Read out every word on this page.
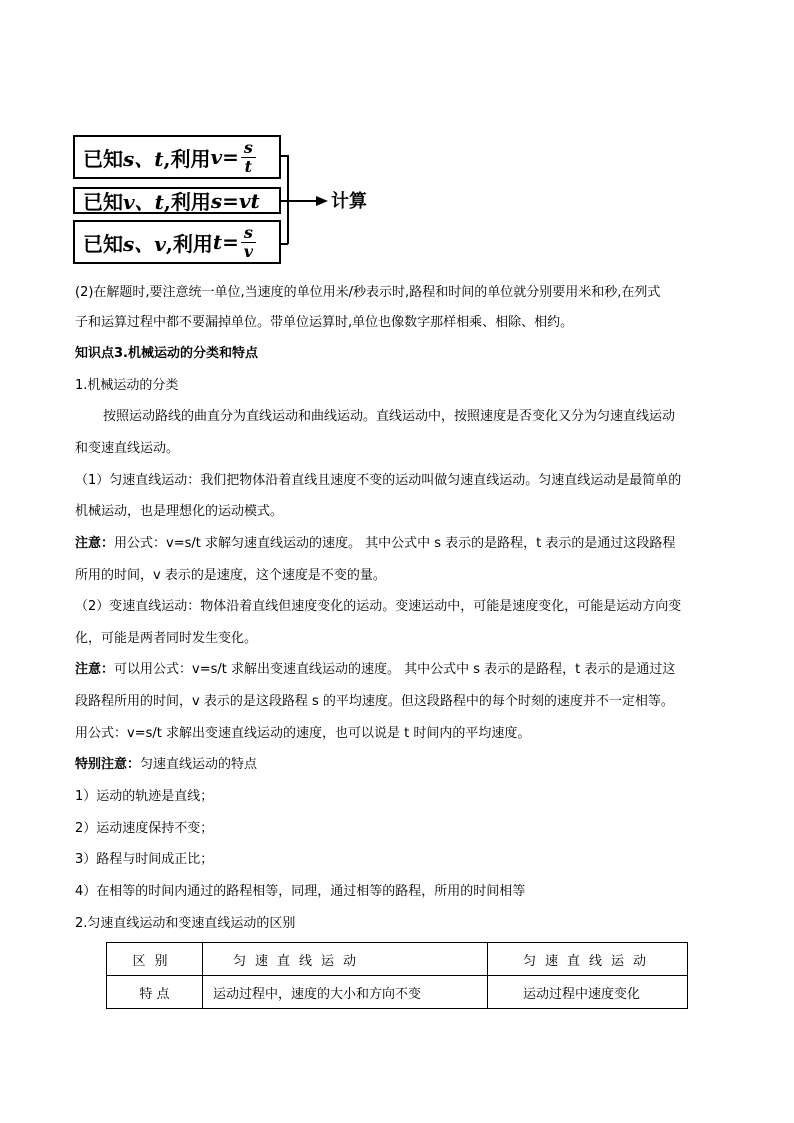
已知 s、t ,利用 $v= \frac{s}{t}$
已知 v、t ,利用 s=vt
已知 s、v ,利用 $t= \frac{s}{v}$
计算
(2)在解题时,要注意统一单位,当速度的单位用米/秒表示时,路程和时间的单位就分别要用米和秒,在列式
子和运算过程中都不要漏掉单位。带单位运算时,单位也像数字那样相乘、相除、相约。
知识点3.机械运动的分类和特点
1.机械运动的分类
按照运动路线的曲直分为直线运动和曲线运动。直线运动中，按照速度是否变化又分为匀速直线运动
和变速直线运动。
（1）匀速直线运动：我们把物体沿着直线且速度不变的运动叫做匀速直线运动。匀速直线运动是最简单的
机械运动，也是理想化的运动模式。
注意：用公式：v=s/t 求解匀速直线运动的速度。 其中公式中 s 表示的是路程，t 表示的是通过这段路程
所用的时间，v 表示的是速度，这个速度是不变的量。
（2）变速直线运动：物体沿着直线但速度变化的运动。变速运动中，可能是速度变化，可能是运动方向变
化，可能是两者同时发生变化。
注意：可以用公式：v=s/t 求解出变速直线运动的速度。 其中公式中 s 表示的是路程，t 表示的是通过这
段路程所用的时间，v 表示的是这段路程 s 的平均速度。但这段路程中的每个时刻的速度并不一定相等。
用公式：v=s/t 求解出变速直线运动的速度，也可以说是 t 时间内的平均速度。
特别注意：匀速直线运动的特点
1）运动的轨迹是直线；
2）运动速度保持不变；
3）路程与时间成正比；
4）在相等的时间内通过的路程相等，同理，通过相等的路程，所用的时间相等
2.匀速直线运动和变速直线运动的区别
区别	匀速直线运动	匀速直线运动
特 点	运动过程中，速度的大小和方向不变	运动过程中速度变化
